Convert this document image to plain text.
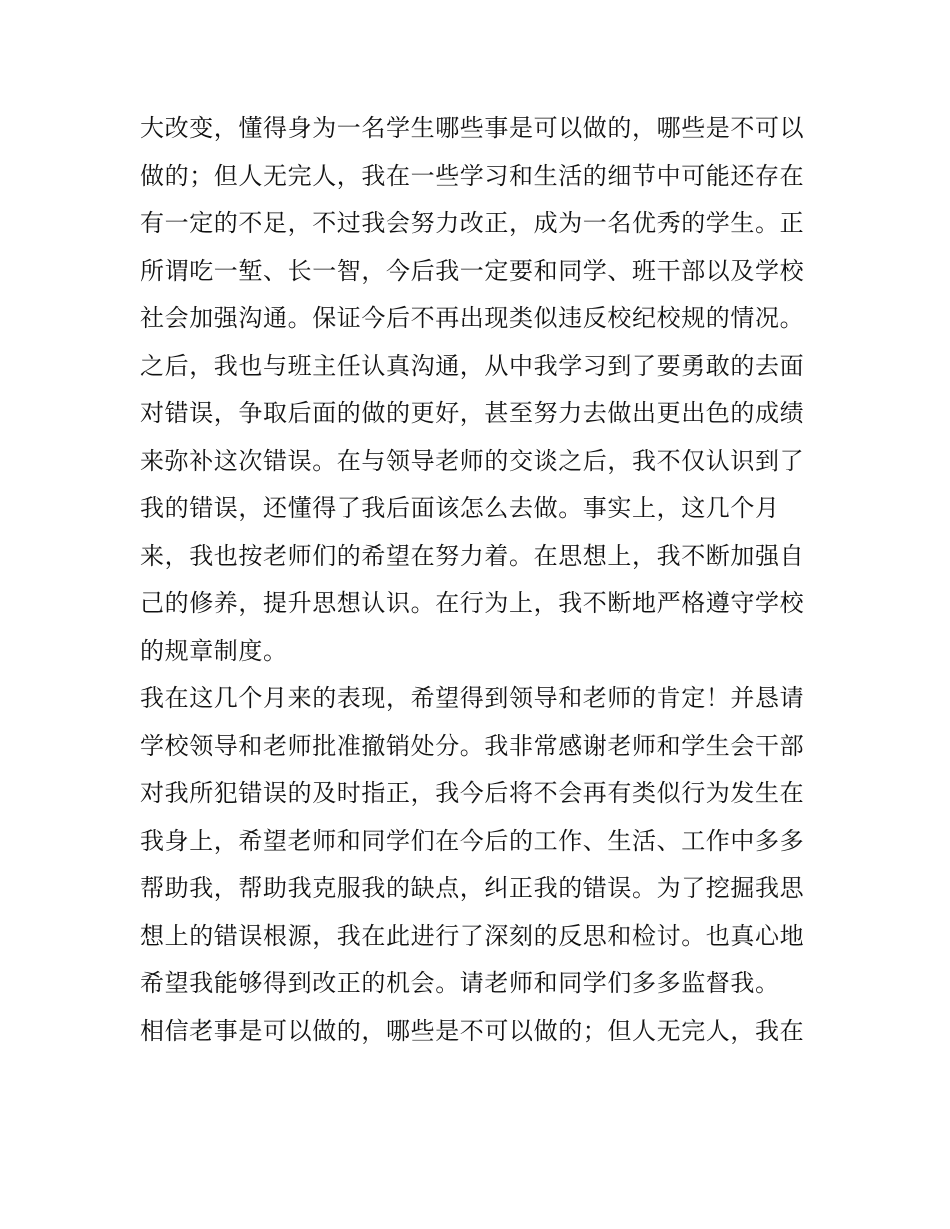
大改变，懂得身为一名学生哪些事是可以做的，哪些是不可以
做的；但人无完人，我在一些学习和生活的细节中可能还存在
有一定的不足，不过我会努力改正，成为一名优秀的学生。正
所谓吃一堑、长一智，今后我一定要和同学、班干部以及学校
社会加强沟通。保证今后不再出现类似违反校纪校规的情况。
之后，我也与班主任认真沟通，从中我学习到了要勇敢的去面
对错误，争取后面的做的更好，甚至努力去做出更出色的成绩
来弥补这次错误。在与领导老师的交谈之后，我不仅认识到了
我的错误，还懂得了我后面该怎么去做。事实上，这几个月
来，我也按老师们的希望在努力着。在思想上，我不断加强自
己的修养，提升思想认识。在行为上，我不断地严格遵守学校
的规章制度。
我在这几个月来的表现，希望得到领导和老师的肯定！并恳请
学校领导和老师批准撤销处分。我非常感谢老师和学生会干部
对我所犯错误的及时指正，我今后将不会再有类似行为发生在
我身上，希望老师和同学们在今后的工作、生活、工作中多多
帮助我，帮助我克服我的缺点，纠正我的错误。为了挖掘我思
想上的错误根源，我在此进行了深刻的反思和检讨。也真心地
希望我能够得到改正的机会。请老师和同学们多多监督我。
相信老事是可以做的，哪些是不可以做的；但人无完人，我在
